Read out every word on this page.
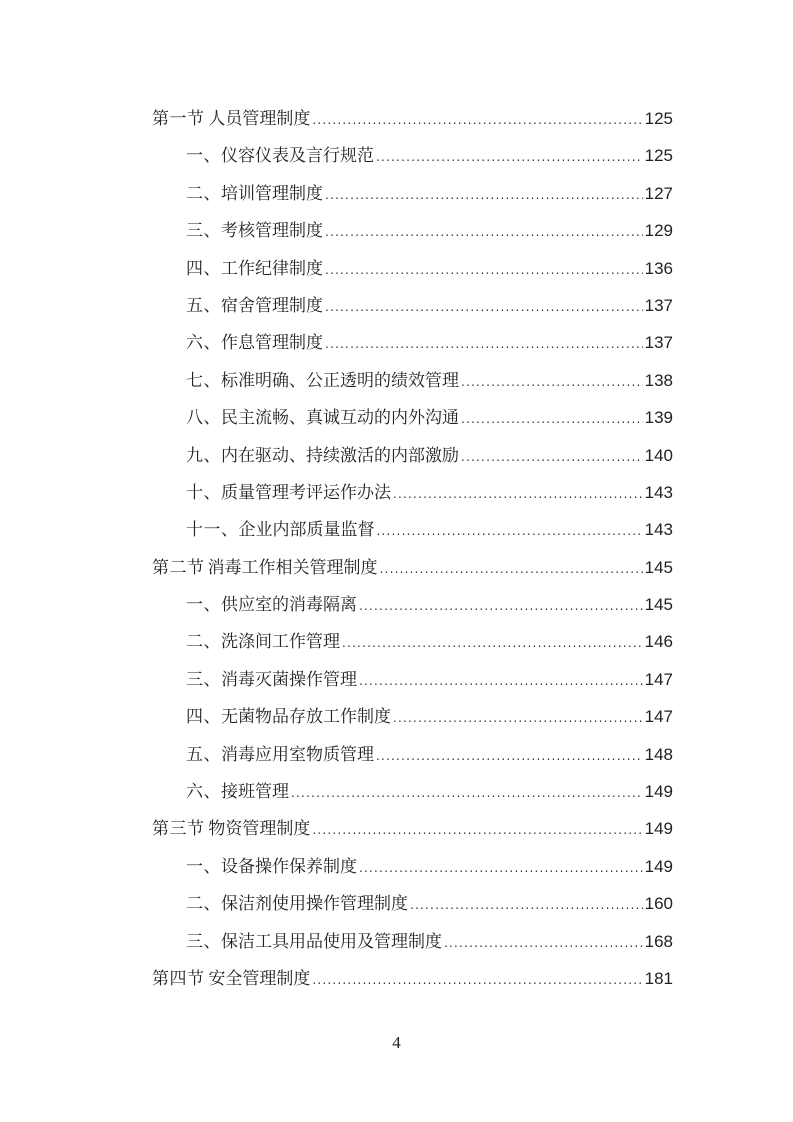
第一节 人员管理制度 .....	125
一、 仪容仪表及言行规范 .....	125
二、 培训管理制度 .....	127
三、 考核管理制度 .....	129
四、 工作纪律制度 .....	136
五、 宿舍管理制度 .....	137
六、 作息管理制度 .....	137
七、 标准明确、公正透明的绩效管理 .....	138
八、 民主流畅、真诚互动的内外沟通 .....	139
九、 内在驱动、持续激活的内部激励 .....	140
十、 质量管理考评运作办法 .....	143
十一、 企业内部质量监督 .....	143
第二节 消毒工作相关管理制度 .....	145
一、 供应室的消毒隔离 .....	145
二、 洗涤间工作管理 .....	146
三、 消毒灭菌操作管理 .....	147
四、 无菌物品存放工作制度 .....	147
五、 消毒应用室物质管理 .....	148
六、 接班管理 .....	149
第三节 物资管理制度 .....	149
一、 设备操作保养制度 .....	149
二、 保洁剂使用操作管理制度 .....	160
三、 保洁工具用品使用及管理制度 .....	168
第四节 安全管理制度 .....	181
4
